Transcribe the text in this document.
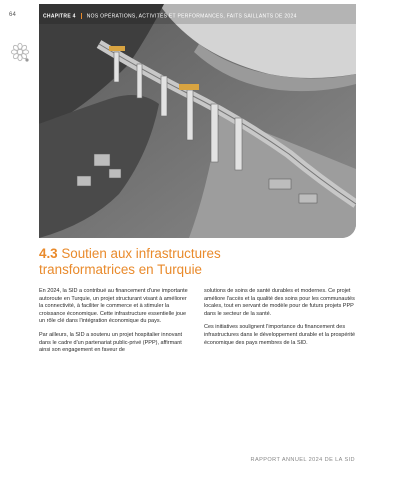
64	CHAPITRE 4 NOS OPÉRATIONS, ACTIVITÉS ET PERFORMANCES, FAITS SAILLANTS DE 2024
4.3 Soutien aux infrastructures transformatrices en Turquie

En 2024, la SID a contribué au financement d'une importante autoroute en Turquie, un projet structurant visant à améliorer la connectivité, à faciliter le commerce et à stimuler la croissance économique. Cette infrastructure essentielle joue un rôle clé dans l'intégration économique du pays.

Par ailleurs, la SID a soutenu un projet hospitalier innovant dans le cadre d'un partenariat public-privé (PPP), affirmant ainsi son engagement en faveur de

solutions de soins de santé durables et modernes. Ce projet améliore l'accès et la qualité des soins pour les communautés locales, tout en servant de modèle pour de futurs projets PPP dans le secteur de la santé.

Ces initiatives soulignent l'importance du financement des infrastructures dans le développement durable et la prospérité économique des pays membres de la SID.

RAPPORT ANNUEL 2024 DE LA SID
